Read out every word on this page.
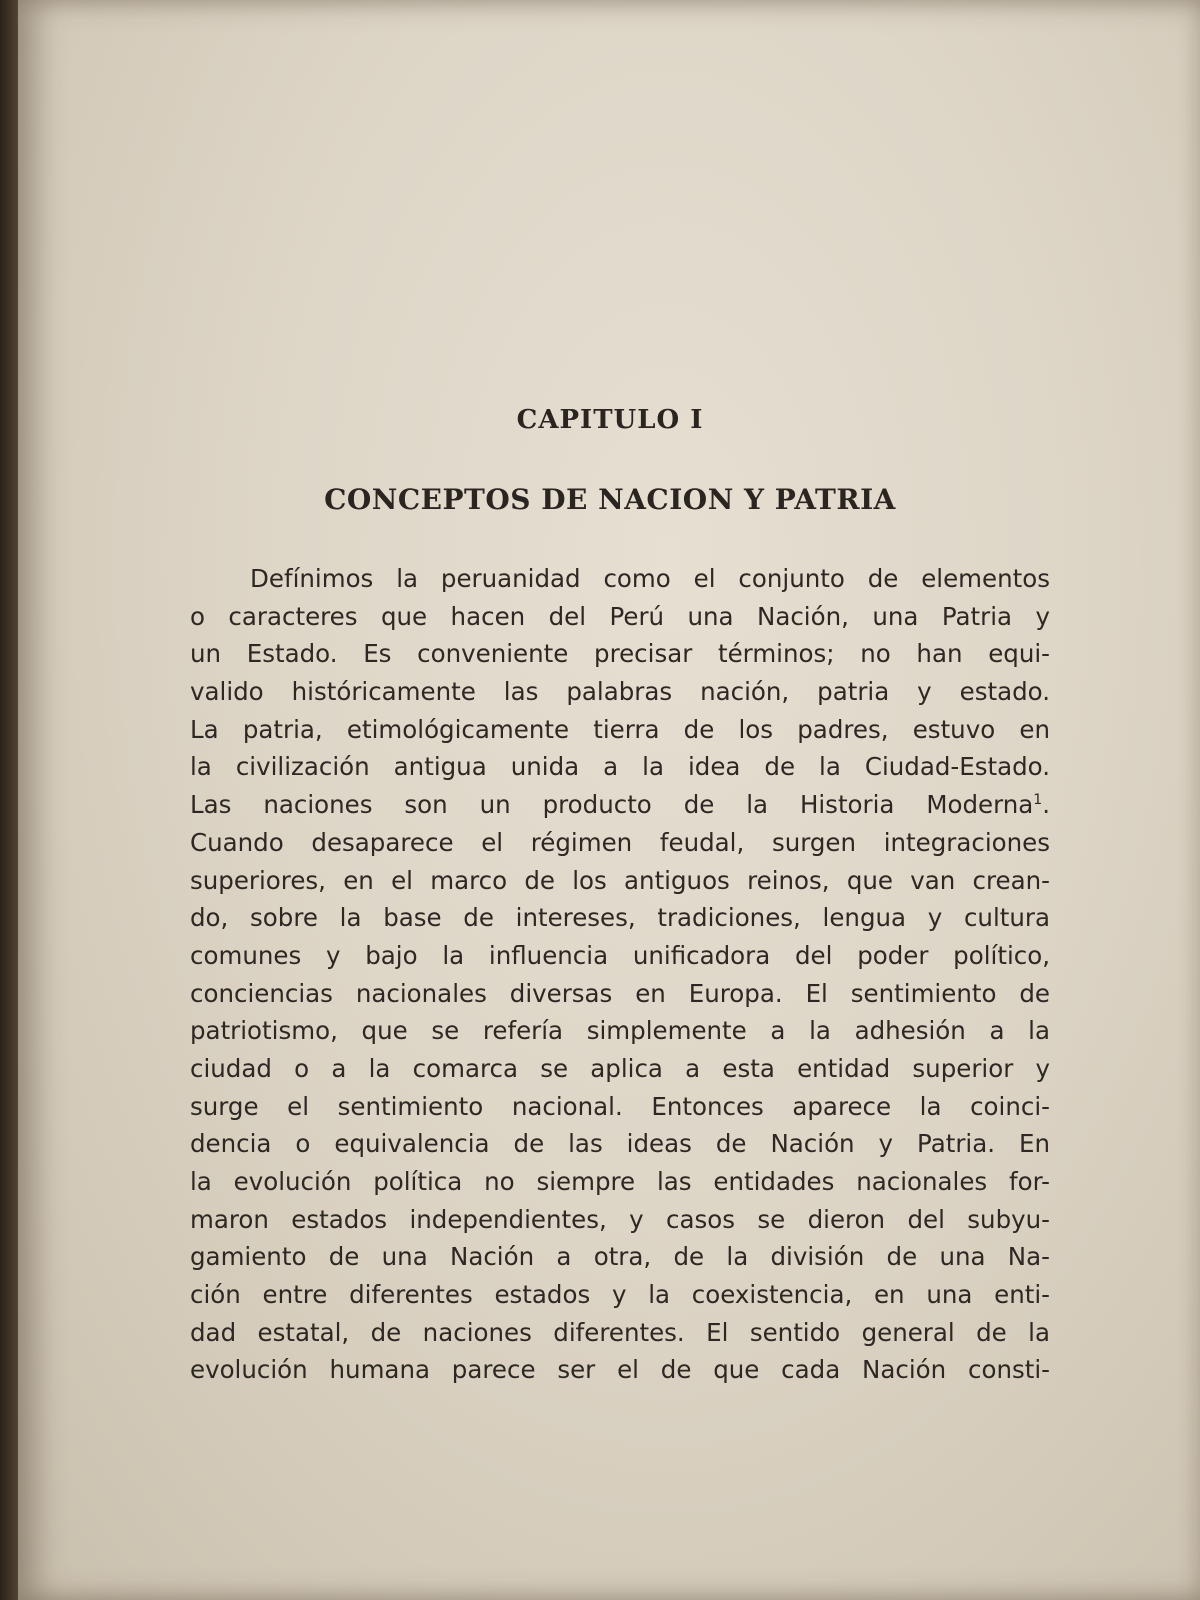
CAPITULO I
CONCEPTOS DE NACION Y PATRIA
Defínimos la peruanidad como el conjunto de elementos
o caracteres que hacen del Perú una Nación, una Patria y
un Estado. Es conveniente precisar términos; no han equi-
valido históricamente las palabras nación, patria y estado.
La patria, etimológicamente tierra de los padres, estuvo en
la civilización antigua unida a la idea de la Ciudad-Estado.
Las naciones son un producto de la Historia Moderna$^1$.
Cuando desaparece el régimen feudal, surgen integraciones
superiores, en el marco de los antiguos reinos, que van crean-
do, sobre la base de intereses, tradiciones, lengua y cultura
comunes y bajo la influencia unificadora del poder político,
conciencias nacionales diversas en Europa. El sentimiento de
patriotismo, que se refería simplemente a la adhesión a la
ciudad o a la comarca se aplica a esta entidad superior y
surge el sentimiento nacional. Entonces aparece la coinci-
dencia o equivalencia de las ideas de Nación y Patria. En
la evolución política no siempre las entidades nacionales for-
maron estados independientes, y casos se dieron del subyu-
gamiento de una Nación a otra, de la división de una Na-
ción entre diferentes estados y la coexistencia, en una enti-
dad estatal, de naciones diferentes. El sentido general de la
evolución humana parece ser el de que cada Nación consti-
